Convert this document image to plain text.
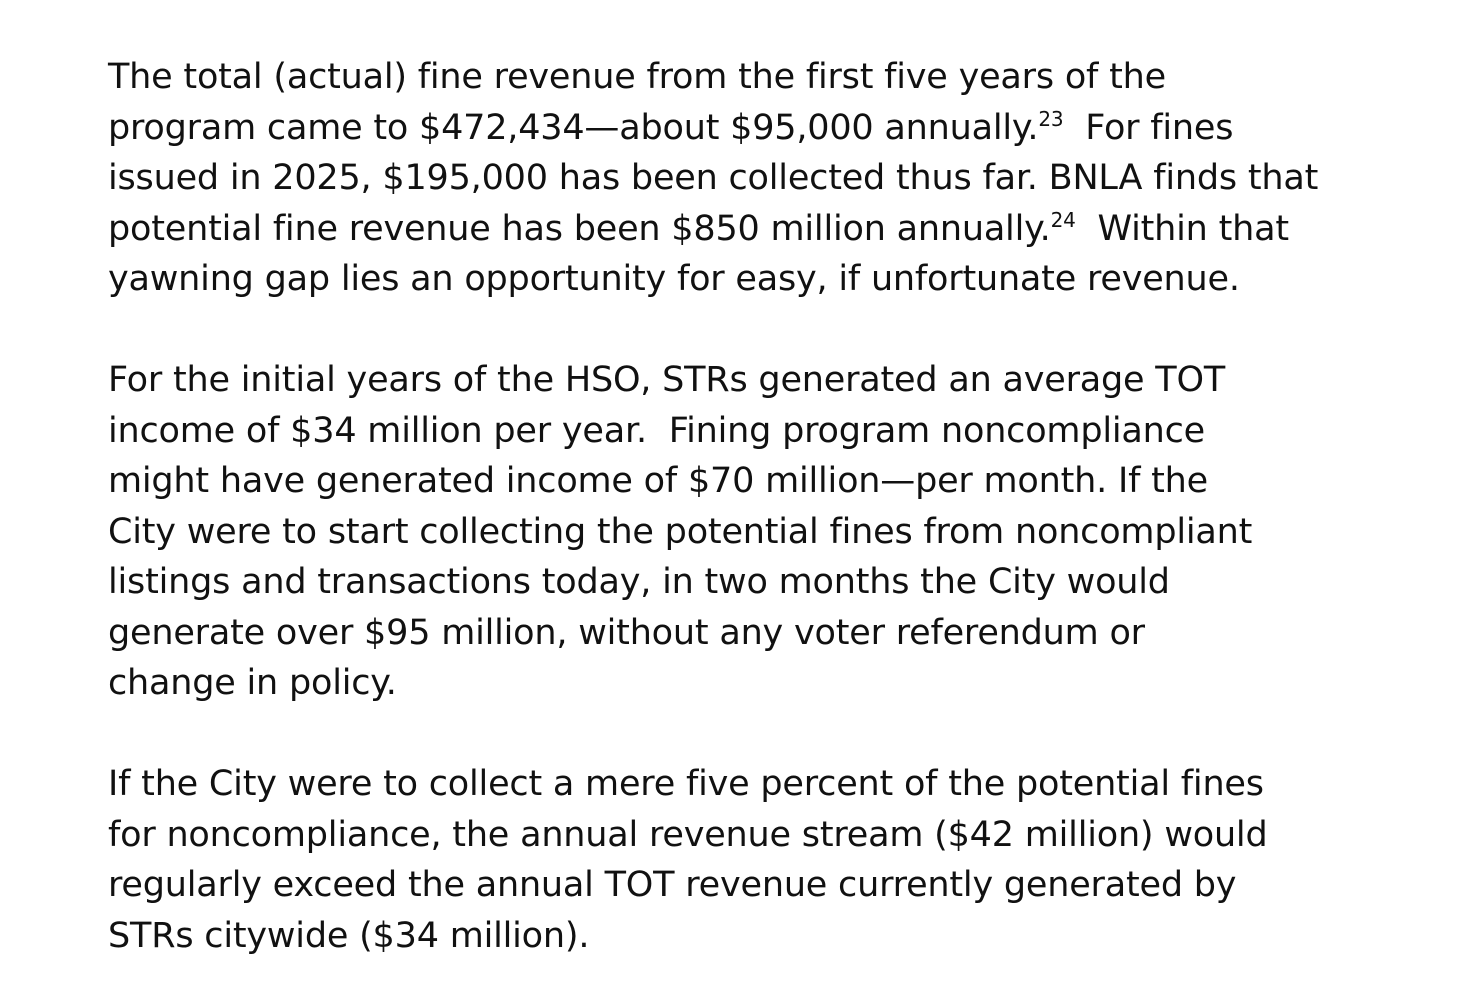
The total (actual) fine revenue from the first five years of the
program came to $472,434—about $95,000 annually.$^{23}$  For fines
issued in 2025, $195,000 has been collected thus far. BNLA finds that
potential fine revenue has been $850 million annually.$^{24}$  Within that
yawning gap lies an opportunity for easy, if unfortunate revenue.

For the initial years of the HSO, STRs generated an average TOT
income of $34 million per year.  Fining program noncompliance
might have generated income of $70 million—per month. If the
City were to start collecting the potential fines from noncompliant
listings and transactions today, in two months the City would
generate over $95 million, without any voter referendum or
change in policy.

If the City were to collect a mere five percent of the potential fines
for noncompliance, the annual revenue stream ($42 million) would
regularly exceed the annual TOT revenue currently generated by
STRs citywide ($34 million).
